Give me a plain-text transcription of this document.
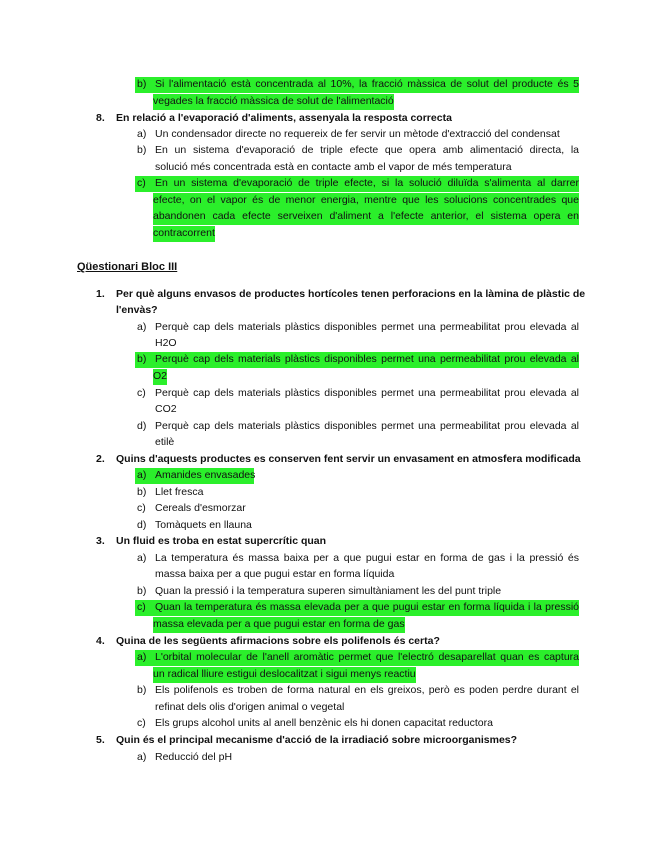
b) Si l'alimentació està concentrada al 10%, la fracció màssica de solut del producte és 5
vegades la fracció màssica de solut de l'alimentació
8. En relació a l'evaporació d'aliments, assenyala la resposta correcta
a) Un condensador directe no requereix de fer servir un mètode d'extracció del condensat
b) En un sistema d'evaporació de triple efecte que opera amb alimentació directa, la
solució més concentrada està en contacte amb el vapor de més temperatura
c) En un sistema d'evaporació de triple efecte, si la solució diluïda s'alimenta al darrer
efecte, on el vapor és de menor energia, mentre que les solucions concentrades que
abandonen cada efecte serveixen d'aliment a l'efecte anterior, el sistema opera en
contracorrent
Qüestionari Bloc III
1. Per què alguns envasos de productes hortícoles tenen perforacions en la làmina de plàstic de
l'envàs?
a) Perquè cap dels materials plàstics disponibles permet una permeabilitat prou elevada al
H2O
b) Perquè cap dels materials plàstics disponibles permet una permeabilitat prou elevada al
O2
c) Perquè cap dels materials plàstics disponibles permet una permeabilitat prou elevada al
CO2
d) Perquè cap dels materials plàstics disponibles permet una permeabilitat prou elevada al
etilè
2. Quins d'aquests productes es conserven fent servir un envasament en atmosfera modificada
a) Amanides envasades
b) Llet fresca
c) Cereals d'esmorzar
d) Tomàquets en llauna
3. Un fluid es troba en estat supercrític quan
a) La temperatura és massa baixa per a que pugui estar en forma de gas i la pressió és
massa baixa per a que pugui estar en forma líquida
b) Quan la pressió i la temperatura superen simultàniament les del punt triple
c) Quan la temperatura és massa elevada per a que pugui estar en forma líquida i la pressió
massa elevada per a que pugui estar en forma de gas
4. Quina de les següents afirmacions sobre els polifenols és certa?
a) L'orbital molecular de l'anell aromàtic permet que l'electró desaparellat quan es captura
un radical lliure estigui deslocalitzat i sigui menys reactiu
b) Els polifenols es troben de forma natural en els greixos, però es poden perdre durant el
refinat dels olis d'origen animal o vegetal
c) Els grups alcohol units al anell benzènic els hi donen capacitat reductora
5. Quin és el principal mecanisme d'acció de la irradiació sobre microorganismes?
a) Reducció del pH
